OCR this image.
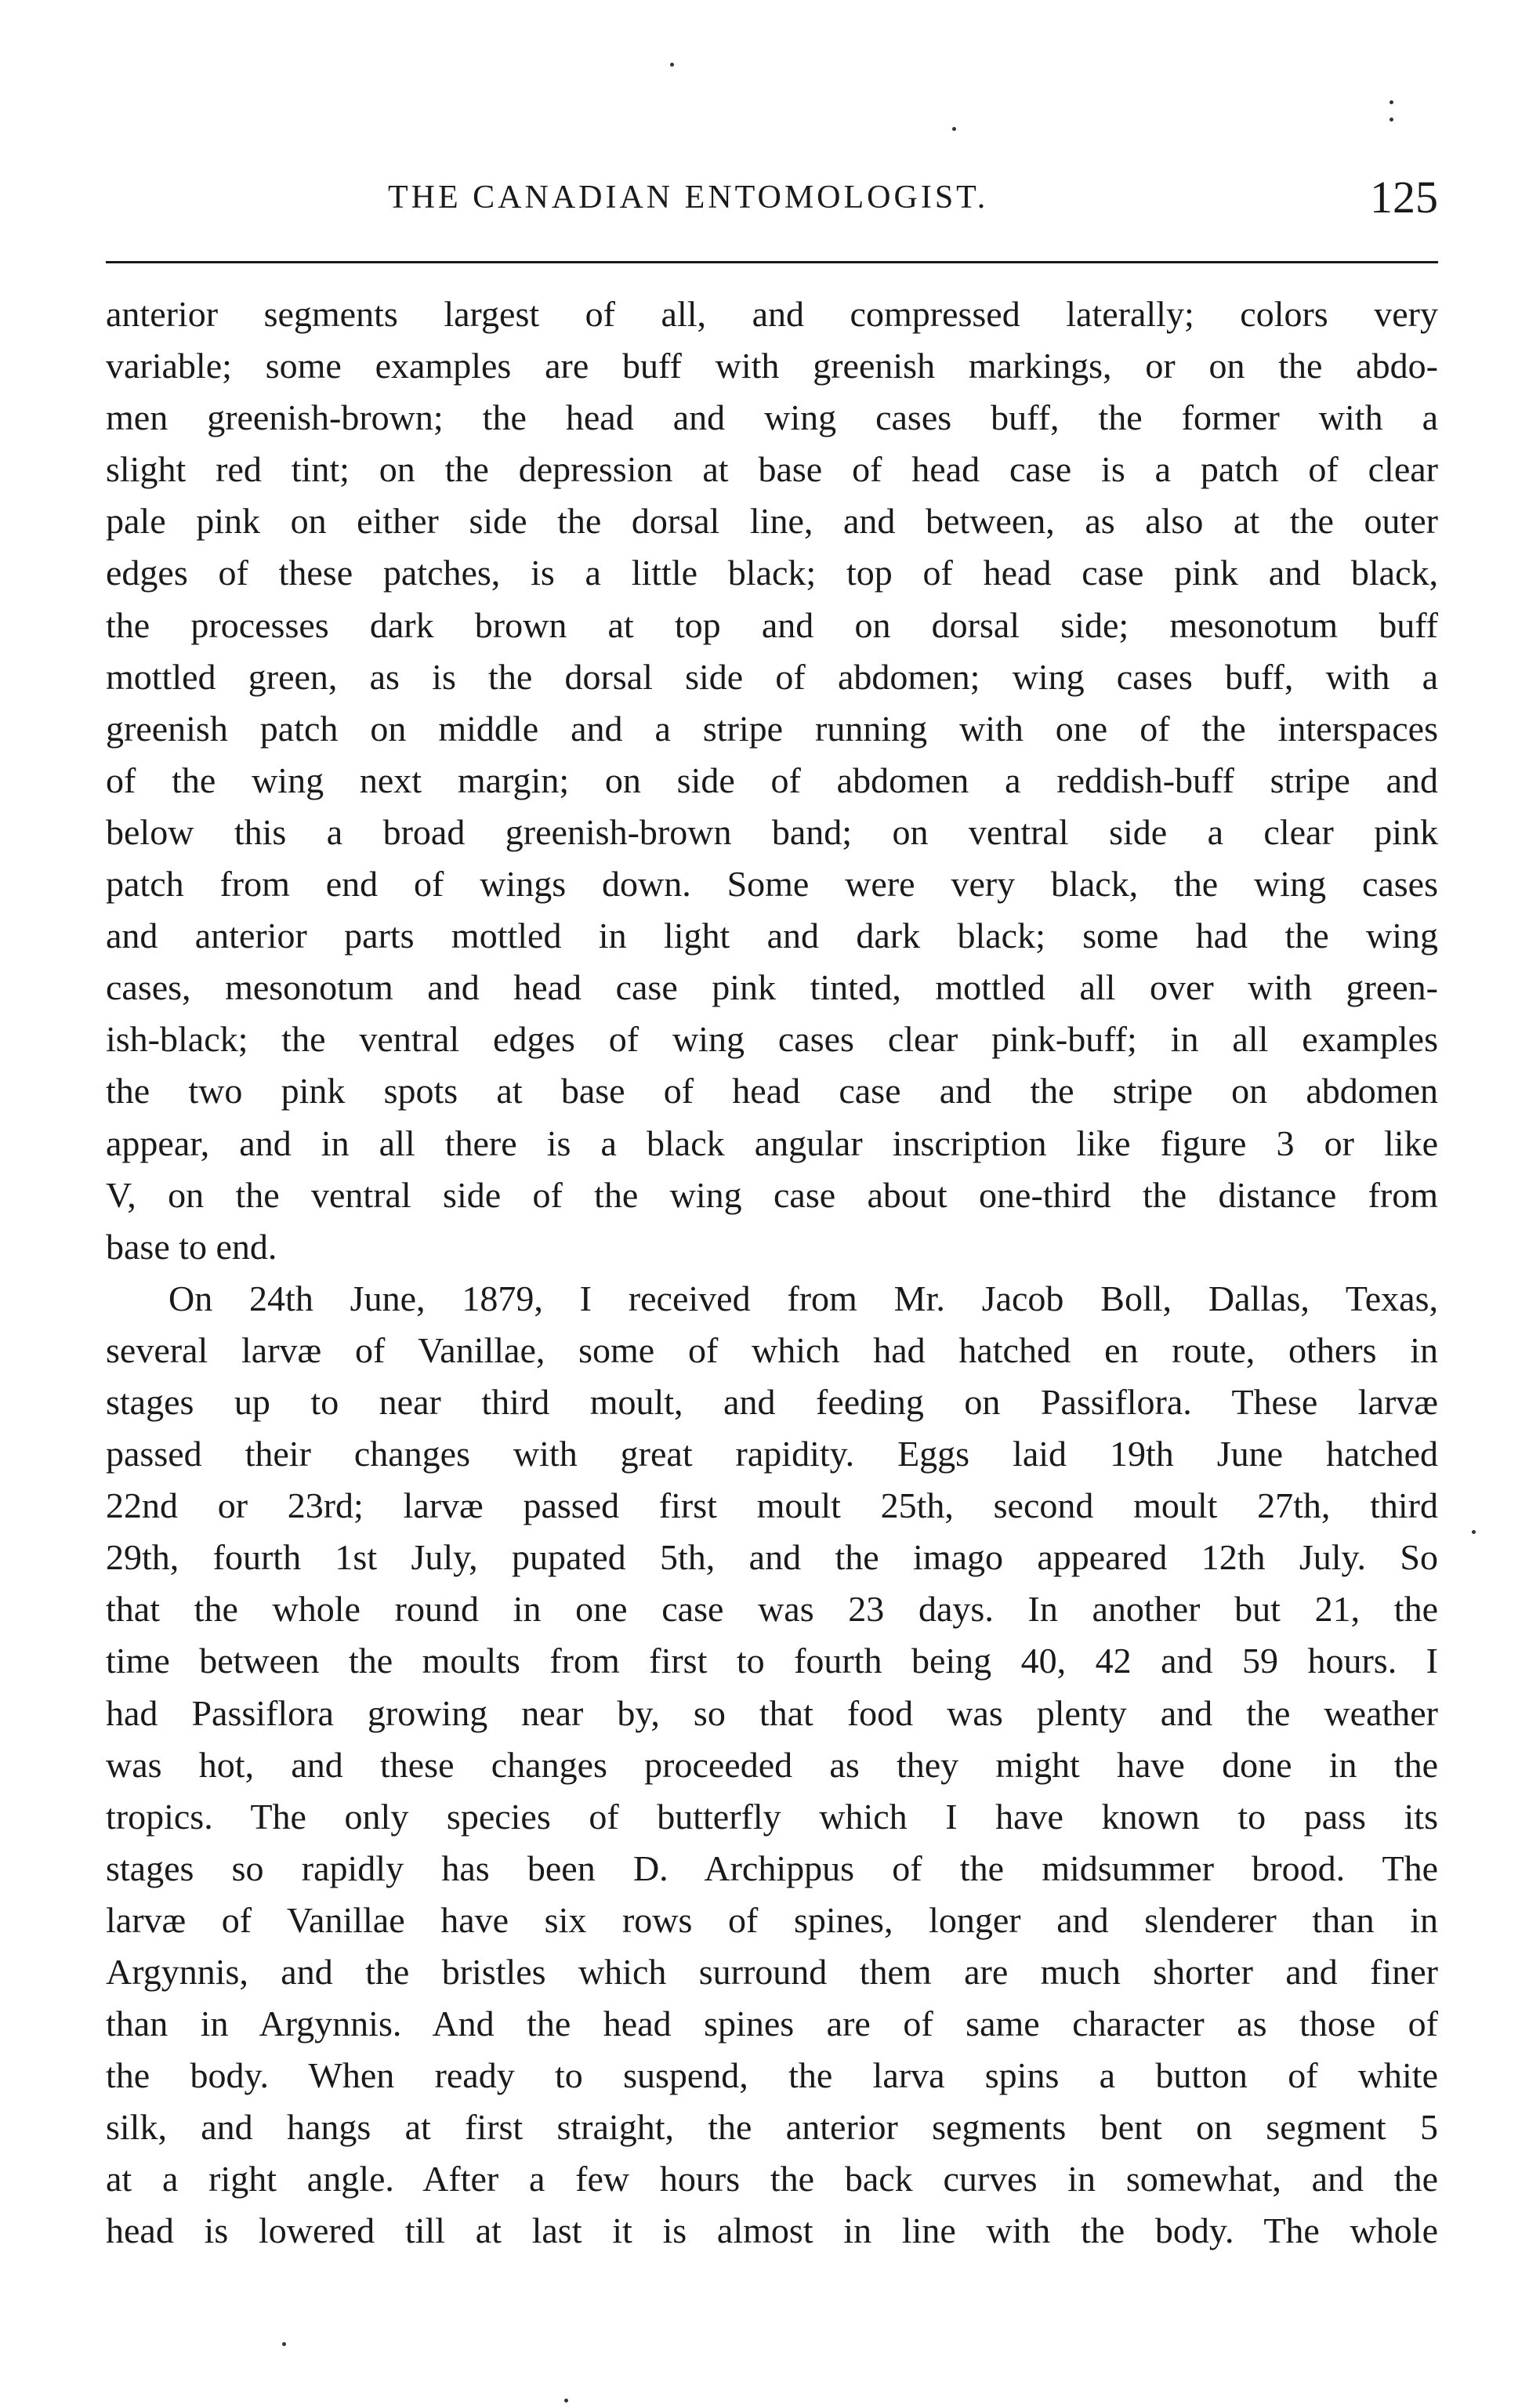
THE CANADIAN ENTOMOLOGIST.	125
anterior segments largest of all, and compressed laterally; colors very
variable; some examples are buff with greenish markings, or on the abdo-
men greenish-brown; the head and wing cases buff, the former with a
slight red tint; on the depression at base of head case is a patch of clear
pale pink on either side the dorsal line, and between, as also at the outer
edges of these patches, is a little black; top of head case pink and black,
the processes dark brown at top and on dorsal side; mesonotum buff
mottled green, as is the dorsal side of abdomen; wing cases buff, with a
greenish patch on middle and a stripe running with one of the interspaces
of the wing next margin; on side of abdomen a reddish-buff stripe and
below this a broad greenish-brown band; on ventral side a clear pink
patch from end of wings down. Some were very black, the wing cases
and anterior parts mottled in light and dark black; some had the wing
cases, mesonotum and head case pink tinted, mottled all over with green-
ish-black; the ventral edges of wing cases clear pink-buff; in all examples
the two pink spots at base of head case and the stripe on abdomen
appear, and in all there is a black angular inscription like figure 3 or like
V, on the ventral side of the wing case about one-third the distance from
base to end.
On 24th June, 1879, I received from Mr. Jacob Boll, Dallas, Texas,
several larvæ of Vanillae, some of which had hatched en route, others in
stages up to near third moult, and feeding on Passiflora. These larvæ
passed their changes with great rapidity. Eggs laid 19th June hatched
22nd or 23rd; larvæ passed first moult 25th, second moult 27th, third
29th, fourth 1st July, pupated 5th, and the imago appeared 12th July. So
that the whole round in one case was 23 days. In another but 21, the
time between the moults from first to fourth being 40, 42 and 59 hours. I
had Passiflora growing near by, so that food was plenty and the weather
was hot, and these changes proceeded as they might have done in the
tropics. The only species of butterfly which I have known to pass its
stages so rapidly has been D. Archippus of the midsummer brood. The
larvæ of Vanillae have six rows of spines, longer and slenderer than in
Argynnis, and the bristles which surround them are much shorter and finer
than in Argynnis. And the head spines are of same character as those of
the body. When ready to suspend, the larva spins a button of white
silk, and hangs at first straight, the anterior segments bent on segment 5
at a right angle. After a few hours the back curves in somewhat, and the
head is lowered till at last it is almost in line with the body. The whole
